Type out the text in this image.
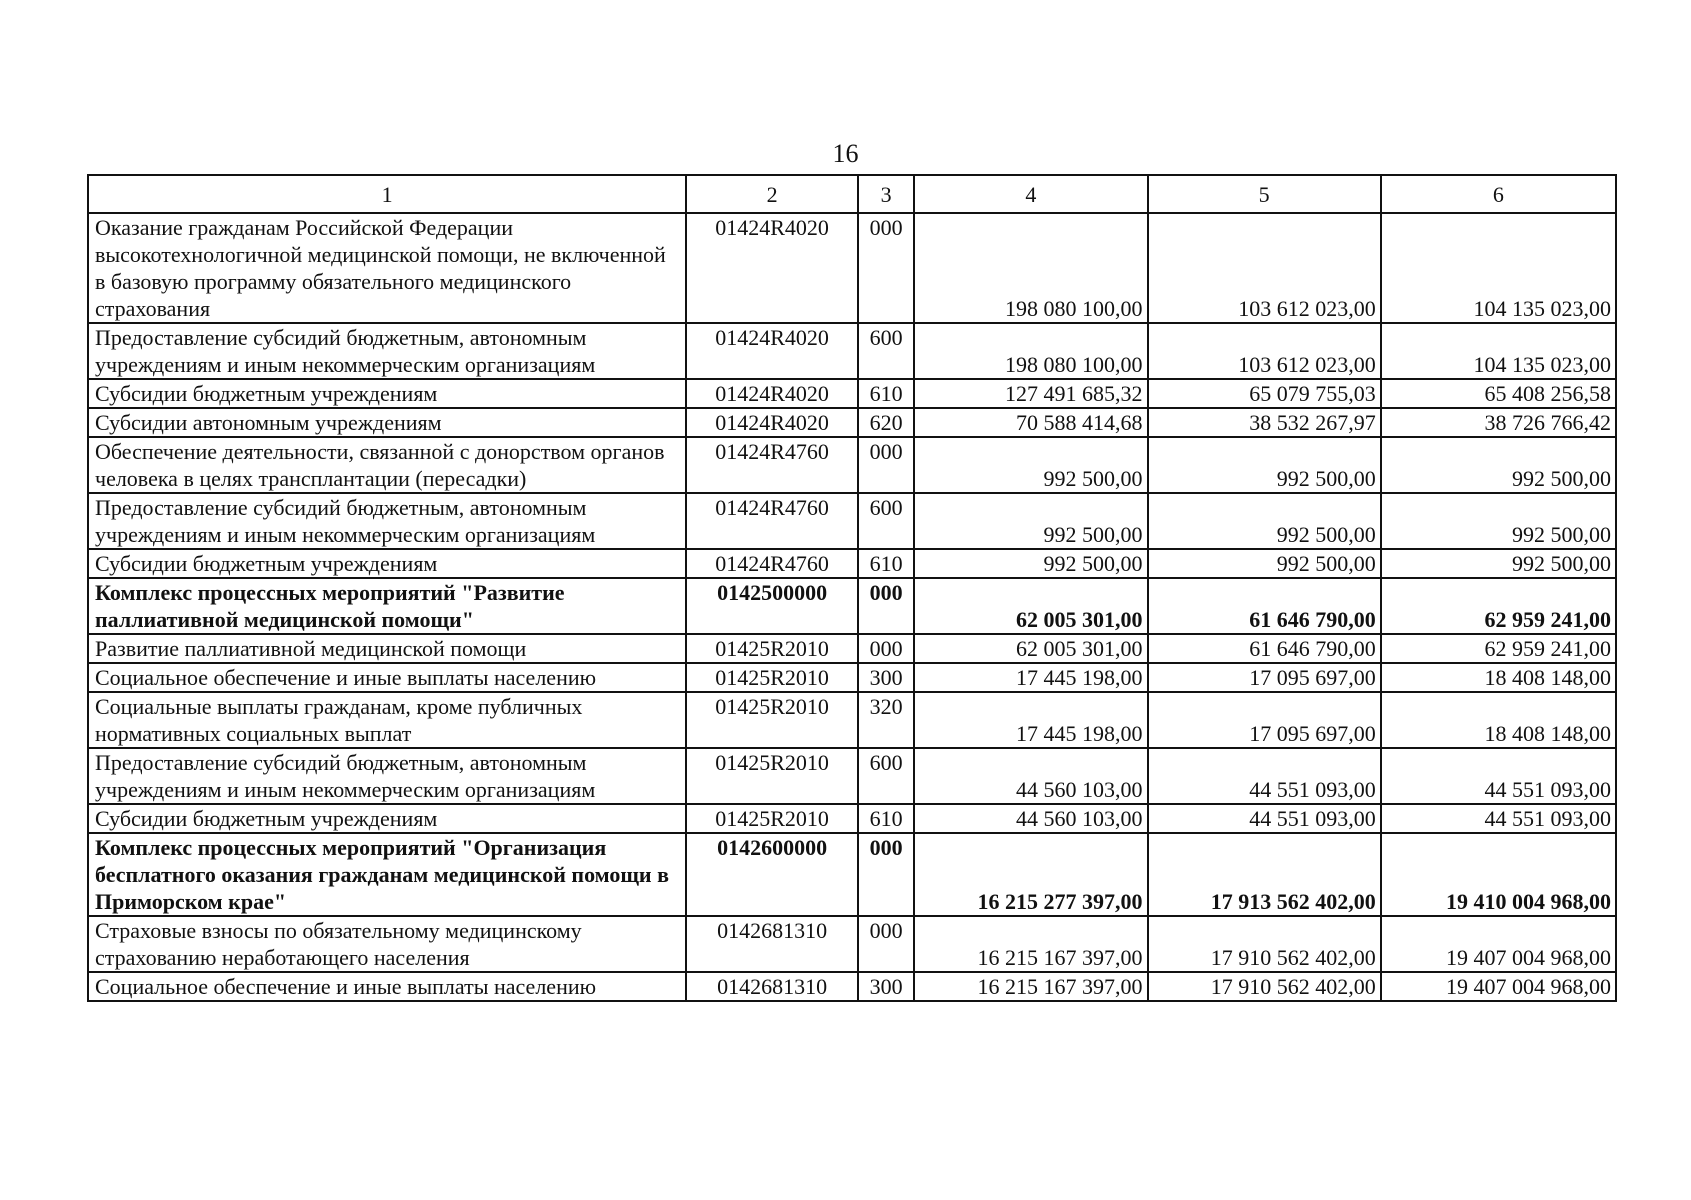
16
1	2	3	4	5	6
Оказание гражданам Российской Федерации высокотехнологичной медицинской помощи, не включенной в базовую программу обязательного медицинского страхования	01424R4020	000	198 080 100,00	103 612 023,00	104 135 023,00
Предоставление субсидий бюджетным, автономным учреждениям и иным некоммерческим организациям	01424R4020	600	198 080 100,00	103 612 023,00	104 135 023,00
Субсидии бюджетным учреждениям	01424R4020	610	127 491 685,32	65 079 755,03	65 408 256,58
Субсидии автономным учреждениям	01424R4020	620	70 588 414,68	38 532 267,97	38 726 766,42
Обеспечение деятельности, связанной с донорством органов человека в целях трансплантации (пересадки)	01424R4760	000	992 500,00	992 500,00	992 500,00
Предоставление субсидий бюджетным, автономным учреждениям и иным некоммерческим организациям	01424R4760	600	992 500,00	992 500,00	992 500,00
Субсидии бюджетным учреждениям	01424R4760	610	992 500,00	992 500,00	992 500,00
Комплекс процессных мероприятий "Развитие паллиативной медицинской помощи"	0142500000	000	62 005 301,00	61 646 790,00	62 959 241,00
Развитие паллиативной медицинской помощи	01425R2010	000	62 005 301,00	61 646 790,00	62 959 241,00
Социальное обеспечение и иные выплаты населению	01425R2010	300	17 445 198,00	17 095 697,00	18 408 148,00
Социальные выплаты гражданам, кроме публичных нормативных социальных выплат	01425R2010	320	17 445 198,00	17 095 697,00	18 408 148,00
Предоставление субсидий бюджетным, автономным учреждениям и иным некоммерческим организациям	01425R2010	600	44 560 103,00	44 551 093,00	44 551 093,00
Субсидии бюджетным учреждениям	01425R2010	610	44 560 103,00	44 551 093,00	44 551 093,00
Комплекс процессных мероприятий "Организация бесплатного оказания гражданам медицинской помощи в Приморском крае"	0142600000	000	16 215 277 397,00	17 913 562 402,00	19 410 004 968,00
Страховые взносы по обязательному медицинскому страхованию неработающего населения	0142681310	000	16 215 167 397,00	17 910 562 402,00	19 407 004 968,00
Социальное обеспечение и иные выплаты населению	0142681310	300	16 215 167 397,00	17 910 562 402,00	19 407 004 968,00
